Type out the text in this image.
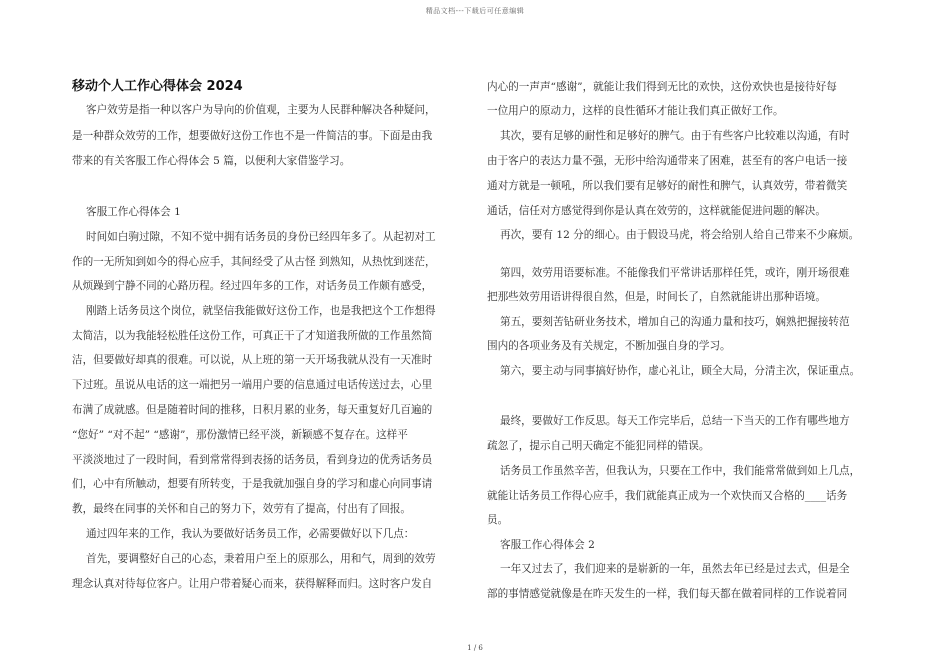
精品文档---下载后可任意编辑
移动个人工作心得体会 2024
客户效劳是指一种以客户为导向的价值观，主要为人民群种解决各种疑问，
是一种群众效劳的工作，想要做好这份工作也不是一件简洁的事。下面是由我
带来的有关客服工作心得体会 5 篇，以便利大家借鉴学习。
客服工作心得体会 1
时间如白驹过隙，不知不觉中拥有话务员的身份已经四年多了。从起初对工
作的一无所知到如今的得心应手，其间经受了从古怪 到熟知，从热忱到迷茫，
从烦躁到宁静不同的心路历程。经过四年多的工作，对话务员工作颇有感受，
刚踏上话务员这个岗位，就坚信我能做好这份工作，也是我把这个工作想得
太简洁，以为我能轻松胜任这份工作，可真正干了才知道我所做的工作虽然简
洁，但要做好却真的很难。可以说，从上班的第一天开场我就从没有一天准时
下过班。虽说从电话的这一端把另一端用户要的信息通过电话传送过去，心里
布满了成就感。但是随着时间的推移，日积月累的业务，每天重复好几百遍的
“您好” “对不起” “感谢”，那份激情已经平淡，新颖感不复存在。这样平
平淡淡地过了一段时间，看到常常得到表扬的话务员，看到身边的优秀话务员
们，心中有所触动，想要有所转变，于是我就加强自身的学习和虚心向同事请
教，最终在同事的关怀和自己的努力下，效劳有了提高，付出有了回报。
通过四年来的工作，我认为要做好话务员工作，必需要做好以下几点：
首先，要调整好自己的心态，秉着用户至上的原那么，用和气，周到的效劳
理念认真对待每位客户。让用户带着疑心而来，获得解释而归。这时客户发自
内心的一声声“感谢”，就能让我们得到无比的欢快，这份欢快也是接待好每
一位用户的原动力，这样的良性循环才能让我们真正做好工作。
其次，要有足够的耐性和足够好的脾气。由于有些客户比较难以沟通，有时
由于客户的表达力量不强，无形中给沟通带来了困难，甚至有的客户电话一接
通对方就是一顿吼，所以我们要有足够好的耐性和脾气，认真效劳，带着微笑
通话，信任对方感觉得到你是认真在效劳的，这样就能促进问题的解决。
再次，要有 12 分的细心。由于假设马虎，将会给别人给自己带来不少麻烦。
第四，效劳用语要标准。不能像我们平常讲话那样任凭，或许，刚开场很难
把那些效劳用语讲得很自然，但是，时间长了，自然就能讲出那种语境。
第五，要刻苦钻研业务技术，增加自己的沟通力量和技巧，娴熟把握接转范
围内的各项业务及有关规定，不断加强自身的学习。
第六，要主动与同事搞好协作，虚心礼让，顾全大局，分清主次，保证重点。
最终，要做好工作反思。每天工作完毕后，总结一下当天的工作有哪些地方
疏忽了，提示自己明天确定不能犯同样的错误。
话务员工作虽然辛苦，但我认为，只要在工作中，我们能常常做到如上几点，
就能让话务员工作得心应手，我们就能真正成为一个欢快而又合格的____话务
员。
客服工作心得体会 2
一年又过去了，我们迎来的是崭新的一年，虽然去年已经是过去式，但是全
部的事情感觉就像是在昨天发生的一样，我们每天都在做着同样的工作说着同
1 / 6
